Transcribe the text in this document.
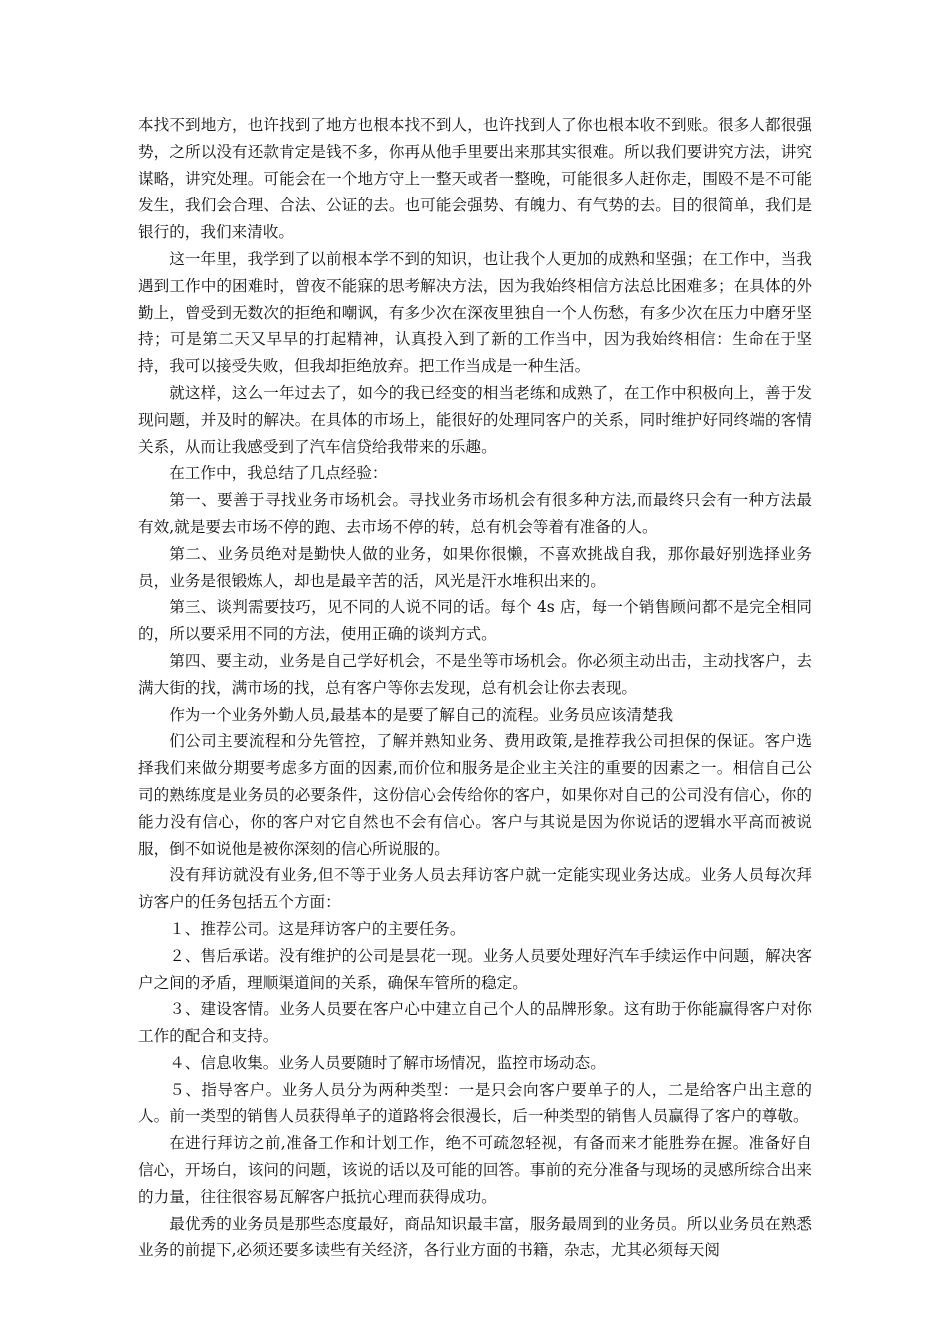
本找不到地方，也许找到了地方也根本找不到人，也许找到人了你也根本收不到账。很多人都很强势，之所以没有还款肯定是钱不多，你再从他手里要出来那其实很难。所以我们要讲究方法，讲究谋略，讲究处理。可能会在一个地方守上一整天或者一整晚，可能很多人赶你走，围殴不是不可能发生，我们会合理、合法、公证的去。也可能会强势、有魄力、有气势的去。目的很简单，我们是银行的，我们来清收。

这一年里，我学到了以前根本学不到的知识，也让我个人更加的成熟和坚强；在工作中，当我遇到工作中的困难时，曾夜不能寐的思考解决方法，因为我始终相信方法总比困难多；在具体的外勤上，曾受到无数次的拒绝和嘲讽，有多少次在深夜里独自一个人伤愁，有多少次在压力中磨牙坚持；可是第二天又早早的打起精神，认真投入到了新的工作当中，因为我始终相信：生命在于坚持，我可以接受失败，但我却拒绝放弃。把工作当成是一种生活。

就这样，这么一年过去了，如今的我已经变的相当老练和成熟了，在工作中积极向上，善于发现问题，并及时的解决。在具体的市场上，能很好的处理同客户的关系，同时维护好同终端的客情关系，从而让我感受到了汽车信贷给我带来的乐趣。

在工作中，我总结了几点经验：

第一、要善于寻找业务市场机会。寻找业务市场机会有很多种方法,而最终只会有一种方法最有效,就是要去市场不停的跑、去市场不停的转，总有机会等着有准备的人。

第二、业务员绝对是勤快人做的业务，如果你很懒，不喜欢挑战自我，那你最好别选择业务员，业务是很锻炼人，却也是最辛苦的活，风光是汗水堆积出来的。

第三、谈判需要技巧，见不同的人说不同的话。每个 4s 店，每一个销售顾问都不是完全相同的，所以要采用不同的方法，使用正确的谈判方式。

第四、要主动，业务是自己学好机会，不是坐等市场机会。你必须主动出击，主动找客户，去满大街的找，满市场的找，总有客户等你去发现，总有机会让你去表现。

作为一个业务外勤人员,最基本的是要了解自己的流程。业务员应该清楚我

们公司主要流程和分先管控，了解并熟知业务、费用政策,是推荐我公司担保的保证。客户选择我们来做分期要考虑多方面的因素,而价位和服务是企业主关注的重要的因素之一。相信自己公司的熟练度是业务员的必要条件，这份信心会传给你的客户，如果你对自己的公司没有信心，你的能力没有信心，你的客户对它自然也不会有信心。客户与其说是因为你说话的逻辑水平高而被说服，倒不如说他是被你深刻的信心所说服的。

没有拜访就没有业务,但不等于业务人员去拜访客户就一定能实现业务达成。业务人员每次拜访客户的任务包括五个方面：

１、推荐公司。这是拜访客户的主要任务。

２、售后承诺。没有维护的公司是昙花一现。业务人员要处理好汽车手续运作中问题，解决客户之间的矛盾，理顺渠道间的关系，确保车管所的稳定。

３、建设客情。业务人员要在客户心中建立自己个人的品牌形象。这有助于你能赢得客户对你工作的配合和支持。

４、信息收集。业务人员要随时了解市场情况，监控市场动态。

５、指导客户。业务人员分为两种类型：一是只会向客户要单子的人，二是给客户出主意的人。前一类型的销售人员获得单子的道路将会很漫长，后一种类型的销售人员赢得了客户的尊敬。

在进行拜访之前,准备工作和计划工作，绝不可疏忽轻视，有备而来才能胜券在握。准备好自信心，开场白，该问的问题，该说的话以及可能的回答。事前的充分准备与现场的灵感所综合出来的力量，往往很容易瓦解客户抵抗心理而获得成功。

最优秀的业务员是那些态度最好，商品知识最丰富，服务最周到的业务员。所以业务员在熟悉业务的前提下,必须还要多读些有关经济，各行业方面的书籍，杂志，尤其必须每天阅
